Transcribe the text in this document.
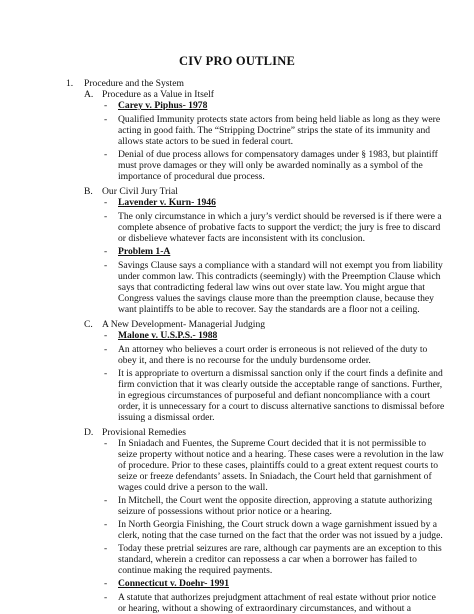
CIV PRO OUTLINE
1. Procedure and the System
A. Procedure as a Value in Itself
- Carey v. Piphus- 1978
- Qualified Immunity protects state actors from being held liable as long as they were
acting in good faith. The “Stripping Doctrine” strips the state of its immunity and
allows state actors to be sued in federal court.
- Denial of due process allows for compensatory damages under § 1983, but plaintiff
must prove damages or they will only be awarded nominally as a symbol of the
importance of procedural due process.
B. Our Civil Jury Trial
- Lavender v. Kurn- 1946
- The only circumstance in which a jury’s verdict should be reversed is if there were a
complete absence of probative facts to support the verdict; the jury is free to discard
or disbelieve whatever facts are inconsistent with its conclusion.
- Problem 1-A
- Savings Clause says a compliance with a standard will not exempt you from liability
under common law. This contradicts (seemingly) with the Preemption Clause which
says that contradicting federal law wins out over state law. You might argue that
Congress values the savings clause more than the preemption clause, because they
want plaintiffs to be able to recover. Say the standards are a floor not a ceiling.
C. A New Development- Managerial Judging
- Malone v. U.S.P.S.- 1988
- An attorney who believes a court order is erroneous is not relieved of the duty to
obey it, and there is no recourse for the unduly burdensome order.
- It is appropriate to overturn a dismissal sanction only if the court finds a definite and
firm conviction that it was clearly outside the acceptable range of sanctions. Further,
in egregious circumstances of purposeful and defiant noncompliance with a court
order, it is unnecessary for a court to discuss alternative sanctions to dismissal before
issuing a dismissal order.
D. Provisional Remedies
- In Sniadach and Fuentes, the Supreme Court decided that it is not permissible to
seize property without notice and a hearing. These cases were a revolution in the law
of procedure. Prior to these cases, plaintiffs could to a great extent request courts to
seize or freeze defendants’ assets. In Sniadach, the Court held that garnishment of
wages could drive a person to the wall.
- In Mitchell, the Court went the opposite direction, approving a statute authorizing
seizure of possessions without prior notice or a hearing.
- In North Georgia Finishing, the Court struck down a wage garnishment issued by a
clerk, noting that the case turned on the fact that the order was not issued by a judge.
- Today these pretrial seizures are rare, although car payments are an exception to this
standard, wherein a creditor can repossess a car when a borrower has failed to
continue making the required payments.
- Connecticut v. Doehr- 1991
- A statute that authorizes prejudgment attachment of real estate without prior notice
or hearing, without a showing of extraordinary circumstances, and without a
